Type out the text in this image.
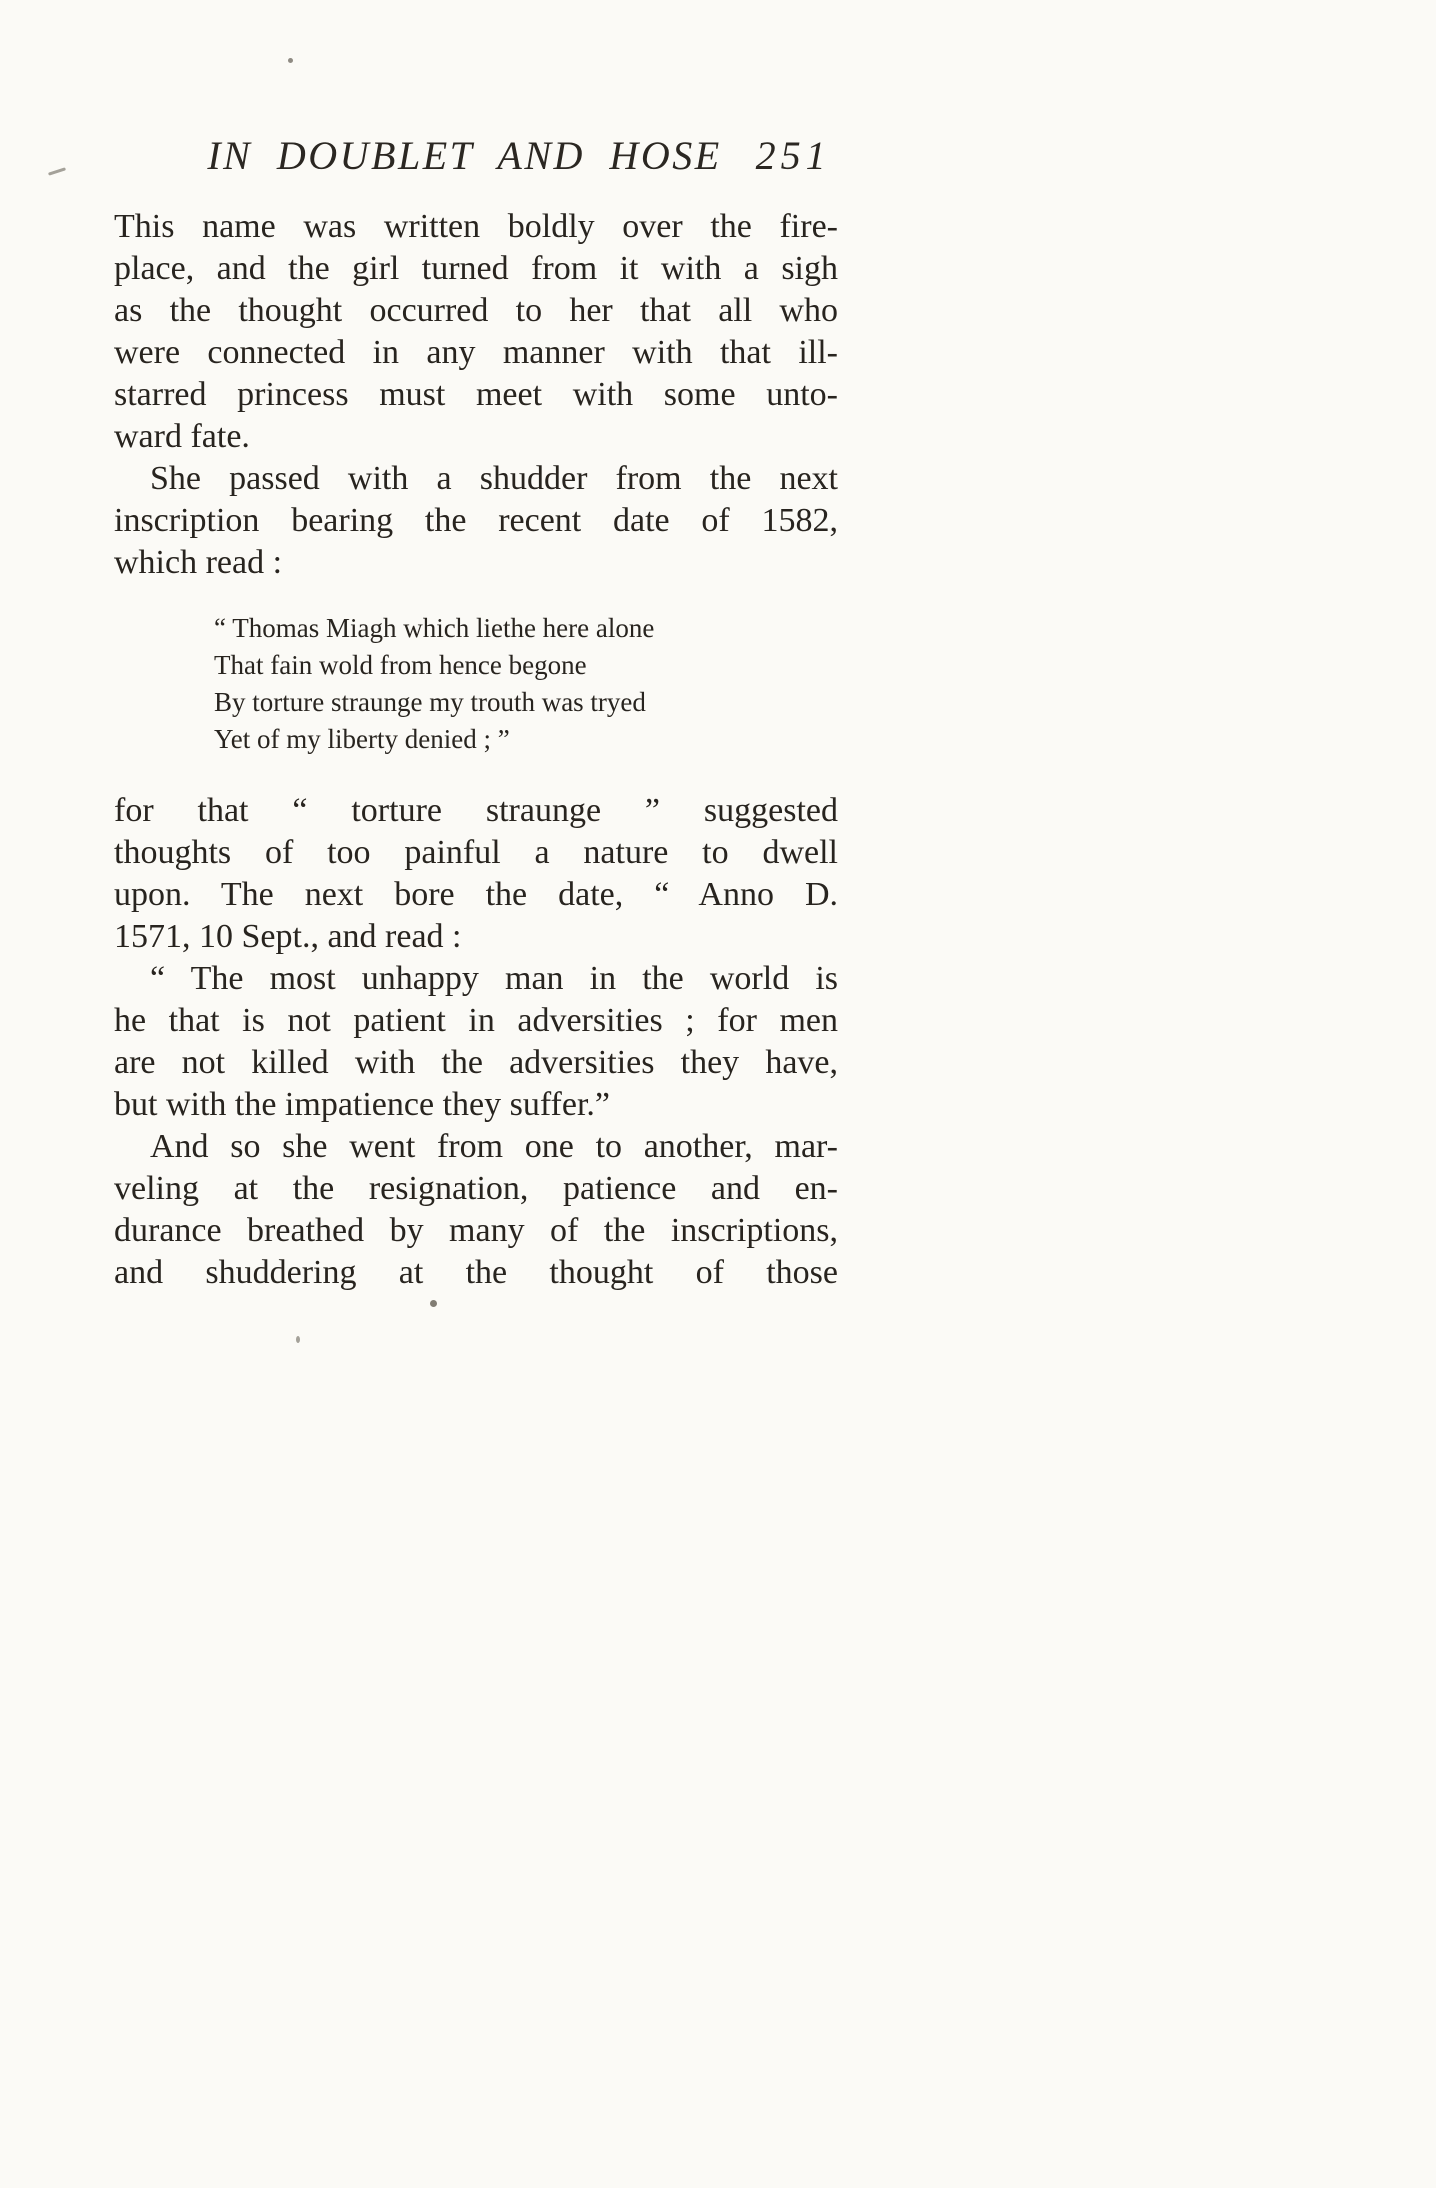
IN DOUBLET AND HOSE 251
This name was written boldly over the fire-
place, and the girl turned from it with a sigh
as the thought occurred to her that all who
were connected in any manner with that ill-
starred princess must meet with some unto-
ward fate.
She passed with a shudder from the next
inscription bearing the recent date of 1582,
which read :
“ Thomas Miagh which liethe here alone
That fain wold from hence begone
By torture straunge my trouth was tryed
Yet of my liberty denied ; ”
for that “ torture straunge ” suggested
thoughts of too painful a nature to dwell
upon. The next bore the date, “ Anno D.
1571, 10 Sept., and read :
“ The most unhappy man in the world is
he that is not patient in adversities ; for men
are not killed with the adversities they have,
but with the impatience they suffer.”
And so she went from one to another, mar-
veling at the resignation, patience and en-
durance breathed by many of the inscriptions,
and shuddering at the thought of those
